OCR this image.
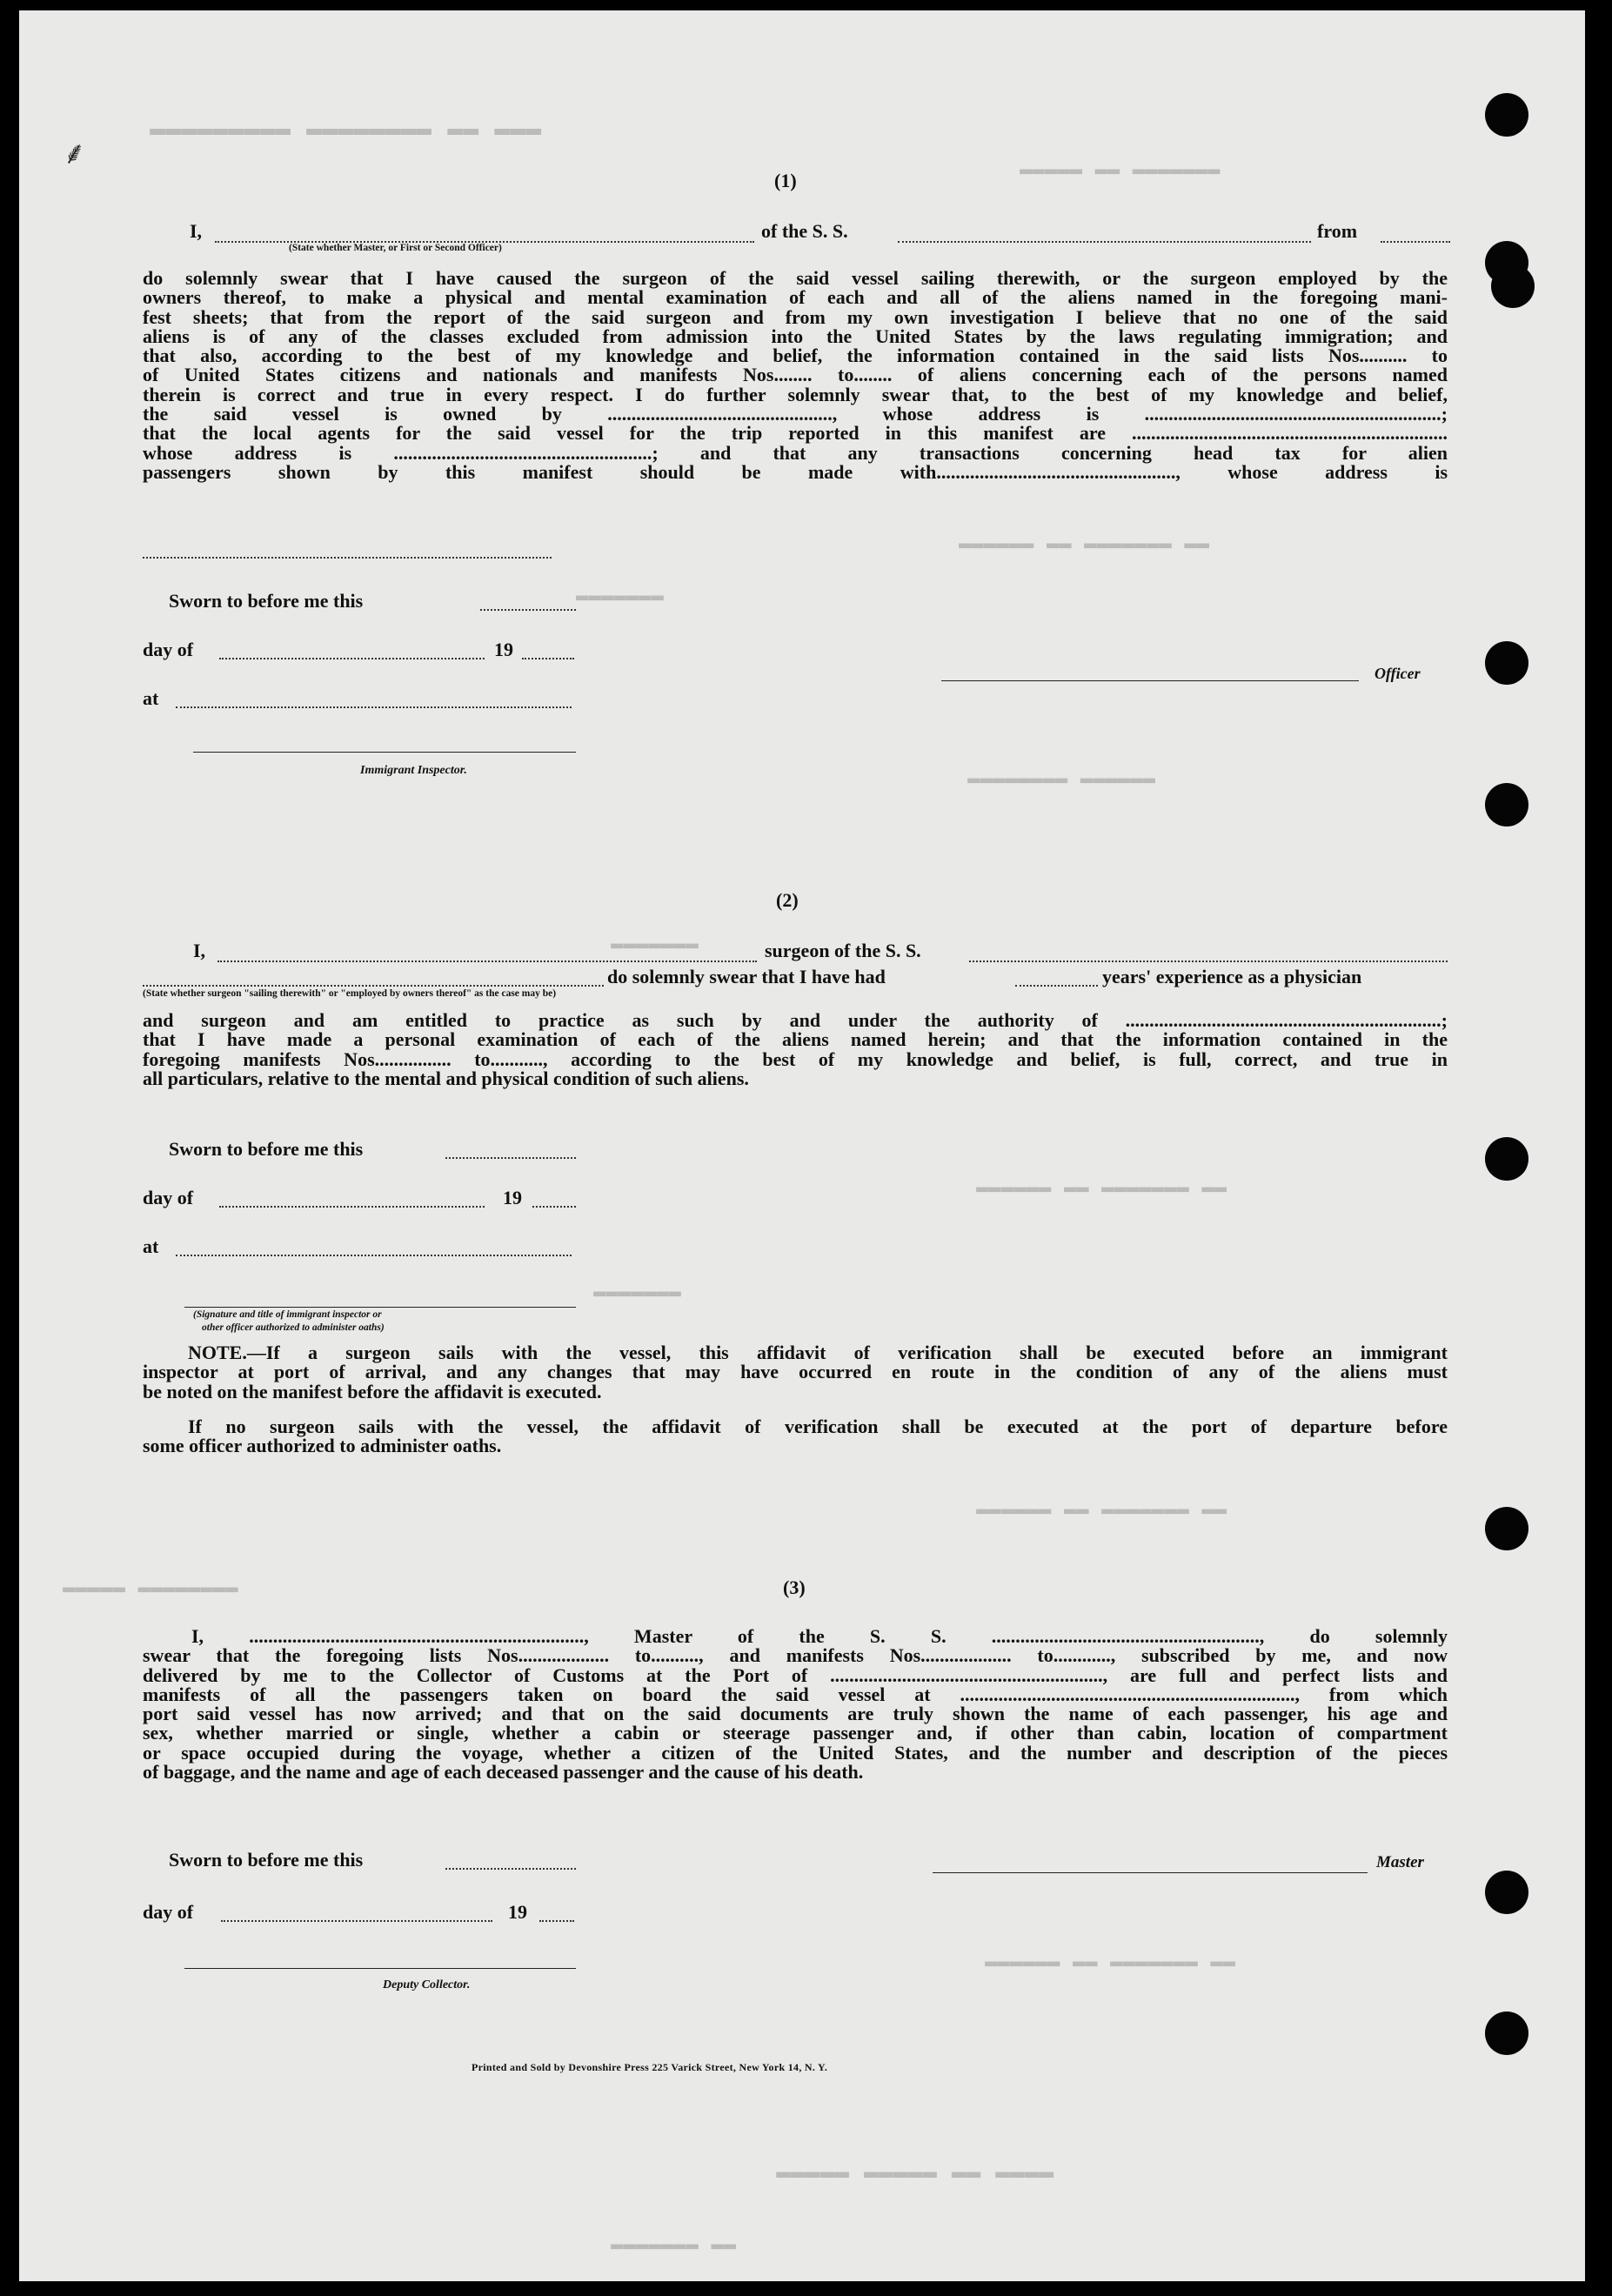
▬▬▬ ▬▬ ▬▬▬▬▬▬▬▬ ▬▬▬▬▬▬▬▬▬
▬▬▬▬▬▬▬ ▬▬ ▬▬▬▬▬
▬▬ ▬▬▬▬▬▬▬ ▬▬ ▬▬▬▬▬▬
▬▬▬▬▬▬▬
▬▬▬▬▬▬ ▬▬▬▬▬▬▬▬
▬▬▬▬▬▬▬
▬▬ ▬▬▬▬▬▬▬ ▬▬ ▬▬▬▬▬▬
▬▬▬▬▬▬▬
▬▬ ▬▬▬▬▬▬▬ ▬▬ ▬▬▬▬▬▬
▬▬▬▬▬▬▬▬ ▬▬▬▬▬
▬▬ ▬▬▬▬▬▬▬ ▬▬ ▬▬▬▬▬▬
▬▬▬▬ ▬▬ ▬▬▬▬▬ ▬▬▬▬▬
▬▬ ▬▬▬▬▬▬▬
⸙
(1)
I,
(State whether Master, or First or Second Officer)
of the S. S.	from
do solemnly swear that I have caused the surgeon of the said vessel sailing therewith, or the surgeon employed by the
owners thereof, to make a physical and mental examination of each and all of the aliens named in the foregoing mani-
fest sheets; that from the report of the said surgeon and from my own investigation I believe that no one of the said
aliens is of any of the classes excluded from admission into the United States by the laws regulating immigration; and
that also, according to the best of my knowledge and belief, the information contained in the said lists Nos.......... to
of United States citizens and nationals and manifests Nos........ to........ of aliens concerning each of the persons named
therein is correct and true in every respect. I do further solemnly swear that, to the best of my knowledge and belief,
the said vessel is owned by ..............................................., whose address is ..............................................................;
that the local agents for the said vessel for the trip reported in this manifest are ..................................................................
whose address is ......................................................; and that any transactions concerning head tax for alien
passengers shown by this manifest should be made with.................................................., whose address is
Sworn to before me this
day of	19
at
Officer
Immigrant Inspector.
(2)
I,	surgeon of the S. S.
do solemnly swear that I have had	years' experience as a physician
(State whether surgeon "sailing therewith" or "employed by owners thereof" as the case may be)
and surgeon and am entitled to practice as such by and under the authority of ..................................................................;
that I have made a personal examination of each of the aliens named herein; and that the information contained in the
foregoing manifests Nos................ to..........., according to the best of my knowledge and belief, is full, correct, and true in
all particulars, relative to the mental and physical condition of such aliens.
Sworn to before me this
day of	19
at
(Signature and title of immigrant inspector or
other officer authorized to administer oaths)
NOTE.—If a surgeon sails with the vessel, this affidavit of verification shall be executed before an immigrant
inspector at port of arrival, and any changes that may have occurred en route in the condition of any of the aliens must
be noted on the manifest before the affidavit is executed.
If no surgeon sails with the vessel, the affidavit of verification shall be executed at the port of departure before
some officer authorized to administer oaths.
(3)
I, ......................................................................, Master of the S. S. ........................................................, do solemnly
swear that the foregoing lists Nos................... to.........., and manifests Nos................... to............, subscribed by me, and now
delivered by me to the Collector of Customs at the Port of ........................................................., are full and perfect lists and
manifests of all the passengers taken on board the said vessel at ......................................................................, from which
port said vessel has now arrived; and that on the said documents are truly shown the name of each passenger, his age and
sex, whether married or single, whether a cabin or steerage passenger and, if other than cabin, location of compartment
or space occupied during the voyage, whether a citizen of the United States, and the number and description of the pieces
of baggage, and the name and age of each deceased passenger and the cause of his death.
Sworn to before me this	Master
day of	19
Deputy Collector.
Printed and Sold by Devonshire Press 225 Varick Street, New York 14, N. Y.
